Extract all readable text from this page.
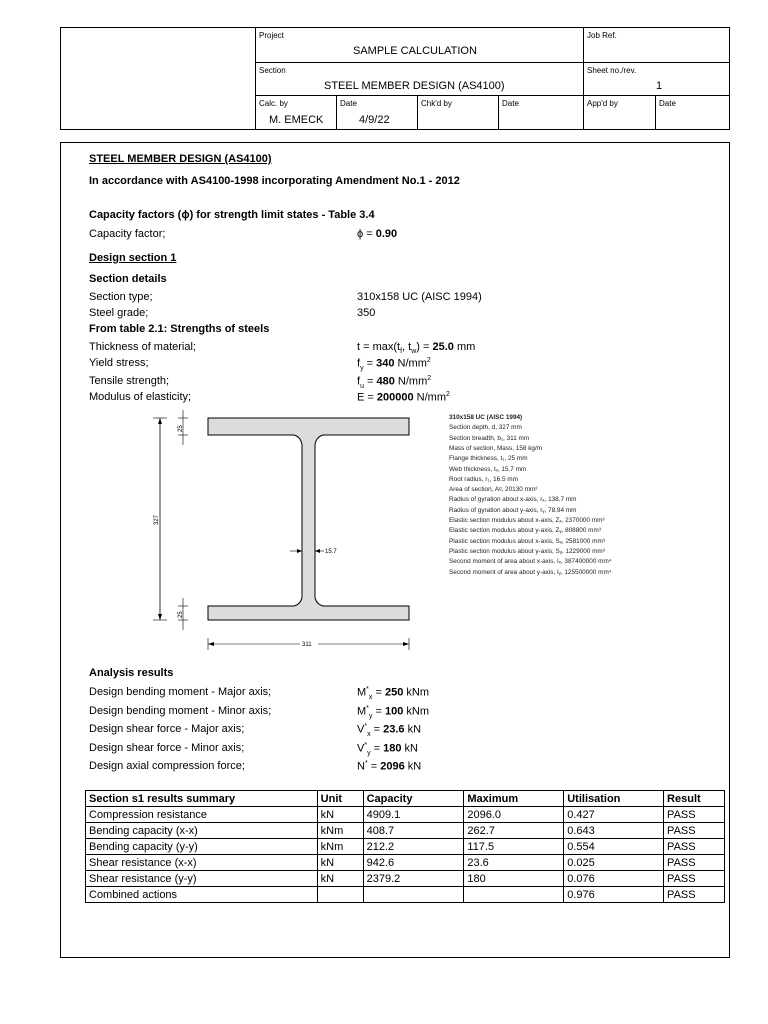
Project
SAMPLE CALCULATION
Job Ref.
Section
STEEL MEMBER DESIGN (AS4100)
Sheet no./rev.
1
Calc. by
M. EMECK
Date
4/9/22
Chk'd by	Date	App'd by	Date
STEEL MEMBER DESIGN (AS4100)
In accordance with AS4100-1998 incorporating Amendment No.1 - 2012
Capacity factors (ϕ) for strength limit states - Table 3.4
Capacity factor;	ϕ = 0.90
Design section 1
Section details
Section type;	310x158 UC (AISC 1994)
Steel grade;	350
From table 2.1: Strengths of steels
Thickness of material;	$t = \max(t_f$, $t_w) = 25.0$ mm
Yield stress;	$f_y = 340$ $N/mm^2$
Tensile strength;	$f_u = 480$ $N/mm^2$
Modulus of elasticity;	E = 200000 $N/mm^2$
327
25
25
15.7
311
310x158 UC (AISC 1994)
Section depth, d, 327 mm
Section breadth, b₁, 311 mm
Mass of section, Mass, 158 kg/m
Flange thickness, t₁, 25 mm
Web thickness, tᵥ, 15.7 mm
Root radius, r₁, 16.5 mm
Area of section, Aᵍ, 20130 mm²
Radius of gyration about x-axis, rₓ, 138.7 mm
Radius of gyration about y-axis, rᵧ, 78.94 mm
Elastic section modulus about x-axis, Zₓ, 2370000 mm³
Elastic section modulus about y-axis, Zᵧ, 808800 mm³
Plastic section modulus about x-axis, Sₓ, 2581000 mm³
Plastic section modulus about y-axis, Sᵧ, 1229000 mm³
Second moment of area about x-axis, Iₓ, 387400000 mm⁴
Second moment of area about y-axis, Iᵧ, 125500000 mm⁴
Analysis results
Design bending moment - Major axis;	$M^*_x = 250$ kNm
Design bending moment - Minor axis;	$M^*_y = 100$ kNm
Design shear force - Major axis;	$V^*_x = 23.6$ kN
Design shear force - Minor axis;	$V^*_y = 180$ kN
Design axial compression force;	N* = 2096 kN
Section s1 results summary	Unit	Capacity	Maximum	Utilisation	Result
Compression resistance	kN	4909.1	2096.0	0.427	PASS
Bending capacity (x-x)	kNm	408.7	262.7	0.643	PASS
Bending capacity (y-y)	kNm	212.2	117.5	0.554	PASS
Shear resistance (x-x)	kN	942.6	23.6	0.025	PASS
Shear resistance (y-y)	kN	2379.2	180	0.076	PASS
Combined actions				0.976	PASS
